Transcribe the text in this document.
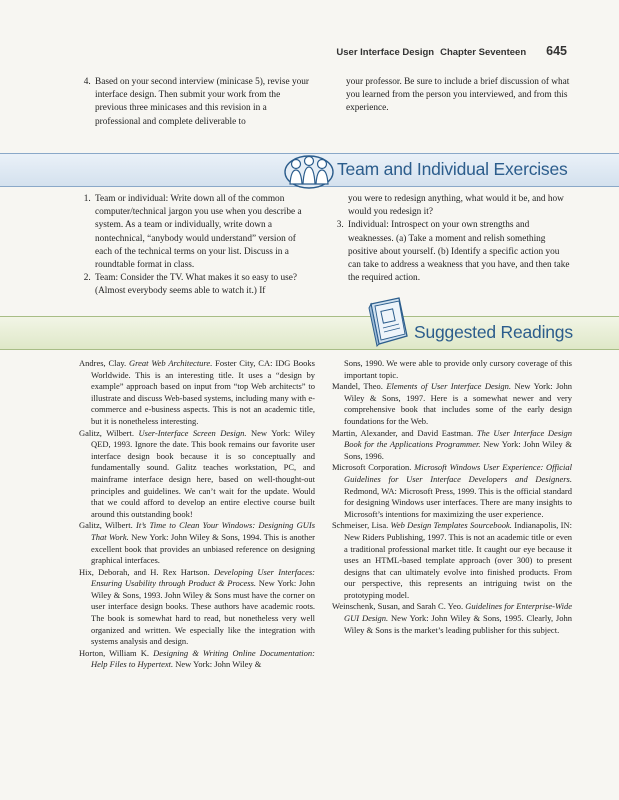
User Interface Design Chapter Seventeen 645
4. Based on your second interview (minicase 5), revise your interface design. Then submit your work from the previous three minicases and this revision in a professional and complete deliverable to
your professor. Be sure to include a brief discussion of what you learned from the person you interviewed, and from this experience.
Team and Individual Exercises
1. Team or individual: Write down all of the common computer/technical jargon you use when you describe a system. As a team or individually, write down a nontechnical, “anybody would understand” version of each of the technical terms on your list. Discuss in a roundtable format in class.
2. Team: Consider the TV. What makes it so easy to use? (Almost everybody seems able to watch it.) If
you were to redesign anything, what would it be, and how would you redesign it?
3. Individual: Introspect on your own strengths and weaknesses. (a) Take a moment and relish something positive about yourself. (b) Identify a specific action you can take to address a weakness that you have, and then take the required action.
Suggested Readings

Andres, Clay. Great Web Architecture. Foster City, CA: IDG Books Worldwide. This is an interesting title. It uses a “design by example” approach based on input from “top Web architects” to illustrate and discuss Web-based systems, including many with e-commerce and e-business aspects. This is not an academic title, but it is nonetheless interesting.

Galitz, Wilbert. User-Interface Screen Design. New York: Wiley QED, 1993. Ignore the date. This book remains our favorite user interface design book because it is so conceptually and fundamentally sound. Galitz teaches workstation, PC, and mainframe interface design here, based on well-thought-out principles and guidelines. We can’t wait for the update. Would that we could afford to develop an entire elective course built around this outstanding book!

Galitz, Wilbert. It’s Time to Clean Your Windows: Designing GUIs That Work. New York: John Wiley & Sons, 1994. This is another excellent book that provides an unbiased reference on designing graphical interfaces.

Hix, Deborah, and H. Rex Hartson. Developing User Interfaces: Ensuring Usability through Product & Process. New York: John Wiley & Sons, 1993. John Wiley & Sons must have the corner on user interface design books. These authors have academic roots. The book is somewhat hard to read, but nonetheless very well organized and written. We especially like the integration with systems analysis and design.

Horton, William K. Designing & Writing Online Documentation: Help Files to Hypertext. New York: John Wiley &

Sons, 1990. We were able to provide only cursory coverage of this important topic.

Mandel, Theo. Elements of User Interface Design. New York: John Wiley & Sons, 1997. Here is a somewhat newer and very comprehensive book that includes some of the early design foundations for the Web.

Martin, Alexander, and David Eastman. The User Interface Design Book for the Applications Programmer. New York: John Wiley & Sons, 1996.

Microsoft Corporation. Microsoft Windows User Experience: Official Guidelines for User Interface Developers and Designers. Redmond, WA: Microsoft Press, 1999. This is the official standard for designing Windows user interfaces. There are many insights to Microsoft’s intentions for maximizing the user experience.

Schmeiser, Lisa. Web Design Templates Sourcebook. Indianapolis, IN: New Riders Publishing, 1997. This is not an academic title or even a traditional professional market title. It caught our eye because it uses an HTML-based template approach (over 300) to present designs that can ultimately evolve into finished products. From our perspective, this represents an intriguing twist on the prototyping model.

Weinschenk, Susan, and Sarah C. Yeo. Guidelines for Enterprise-Wide GUI Design. New York: John Wiley & Sons, 1995. Clearly, John Wiley & Sons is the market’s leading publisher for this subject.
